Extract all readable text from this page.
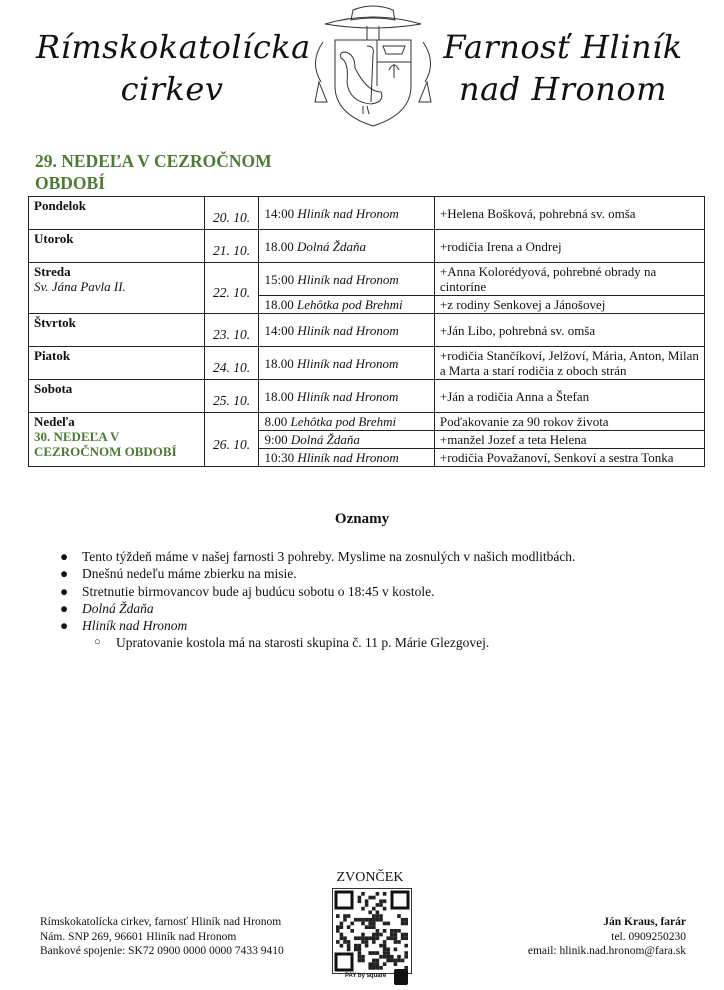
Rímskokatolícka
cirkev
Farnosť Hliník
nad Hronom
29. NEDEĽA V CEZROČNOM OBDOBÍ
Pondelok	20. 10.	14:00 Hliník nad Hronom	+Helena Bošková, pohrebná sv. omša
Utorok	21. 10.	18.00 Dolná Ždaňa	+rodičia Irena a Ondrej
Streda
Sv. Jána Pavla II.	22. 10.	15:00 Hliník nad Hronom	+Anna Kolorédyová, pohrebné obrady na cintoríne
		18.00 Lehôtka pod Brehmi	+z rodiny Senkovej a Jánošovej
Štvrtok	23. 10.	14:00 Hliník nad Hronom	+Ján Libo, pohrebná sv. omša
Piatok	24. 10.	18.00 Hliník nad Hronom	+rodičia Stančíkoví, Jelžoví, Mária, Anton, Milan a Marta a starí rodičia z oboch strán
Sobota	25. 10.	18.00 Hliník nad Hronom	+Ján a rodičia Anna a Štefan
Nedeľa
30. NEDEĽA V CEZROČNOM OBDOBÍ	26. 10.	8.00 Lehôtka pod Brehmi	Poďakovanie za 90 rokov života
		9:00 Dolná Ždaňa	+manžel Jozef a teta Helena
		10:30 Hliník nad Hronom	+rodičia Považanoví, Senkoví a sestra Tonka
Oznamy
● Tento týždeň máme v našej farnosti 3 pohreby. Myslime na zosnulých v našich modlitbách.
● Dnešnú nedeľu máme zbierku na misie.
● Stretnutie birmovancov bude aj budúcu sobotu o 18:45 v kostole.
● Dolná Ždaňa
● Hliník nad Hronom
○ Upratovanie kostola má na starosti skupina č. 11 p. Márie Glezgovej.
ZVONČEK
PAY by square
Rímskokatolícka cirkev, farnosť Hliník nad Hronom
Nám. SNP 269, 96601 Hliník nad Hronom
Bankové spojenie: SK72 0900 0000 0000 7433 9410
Ján Kraus, farár
tel. 0909250230
email: hlinik.nad.hronom@fara.sk
